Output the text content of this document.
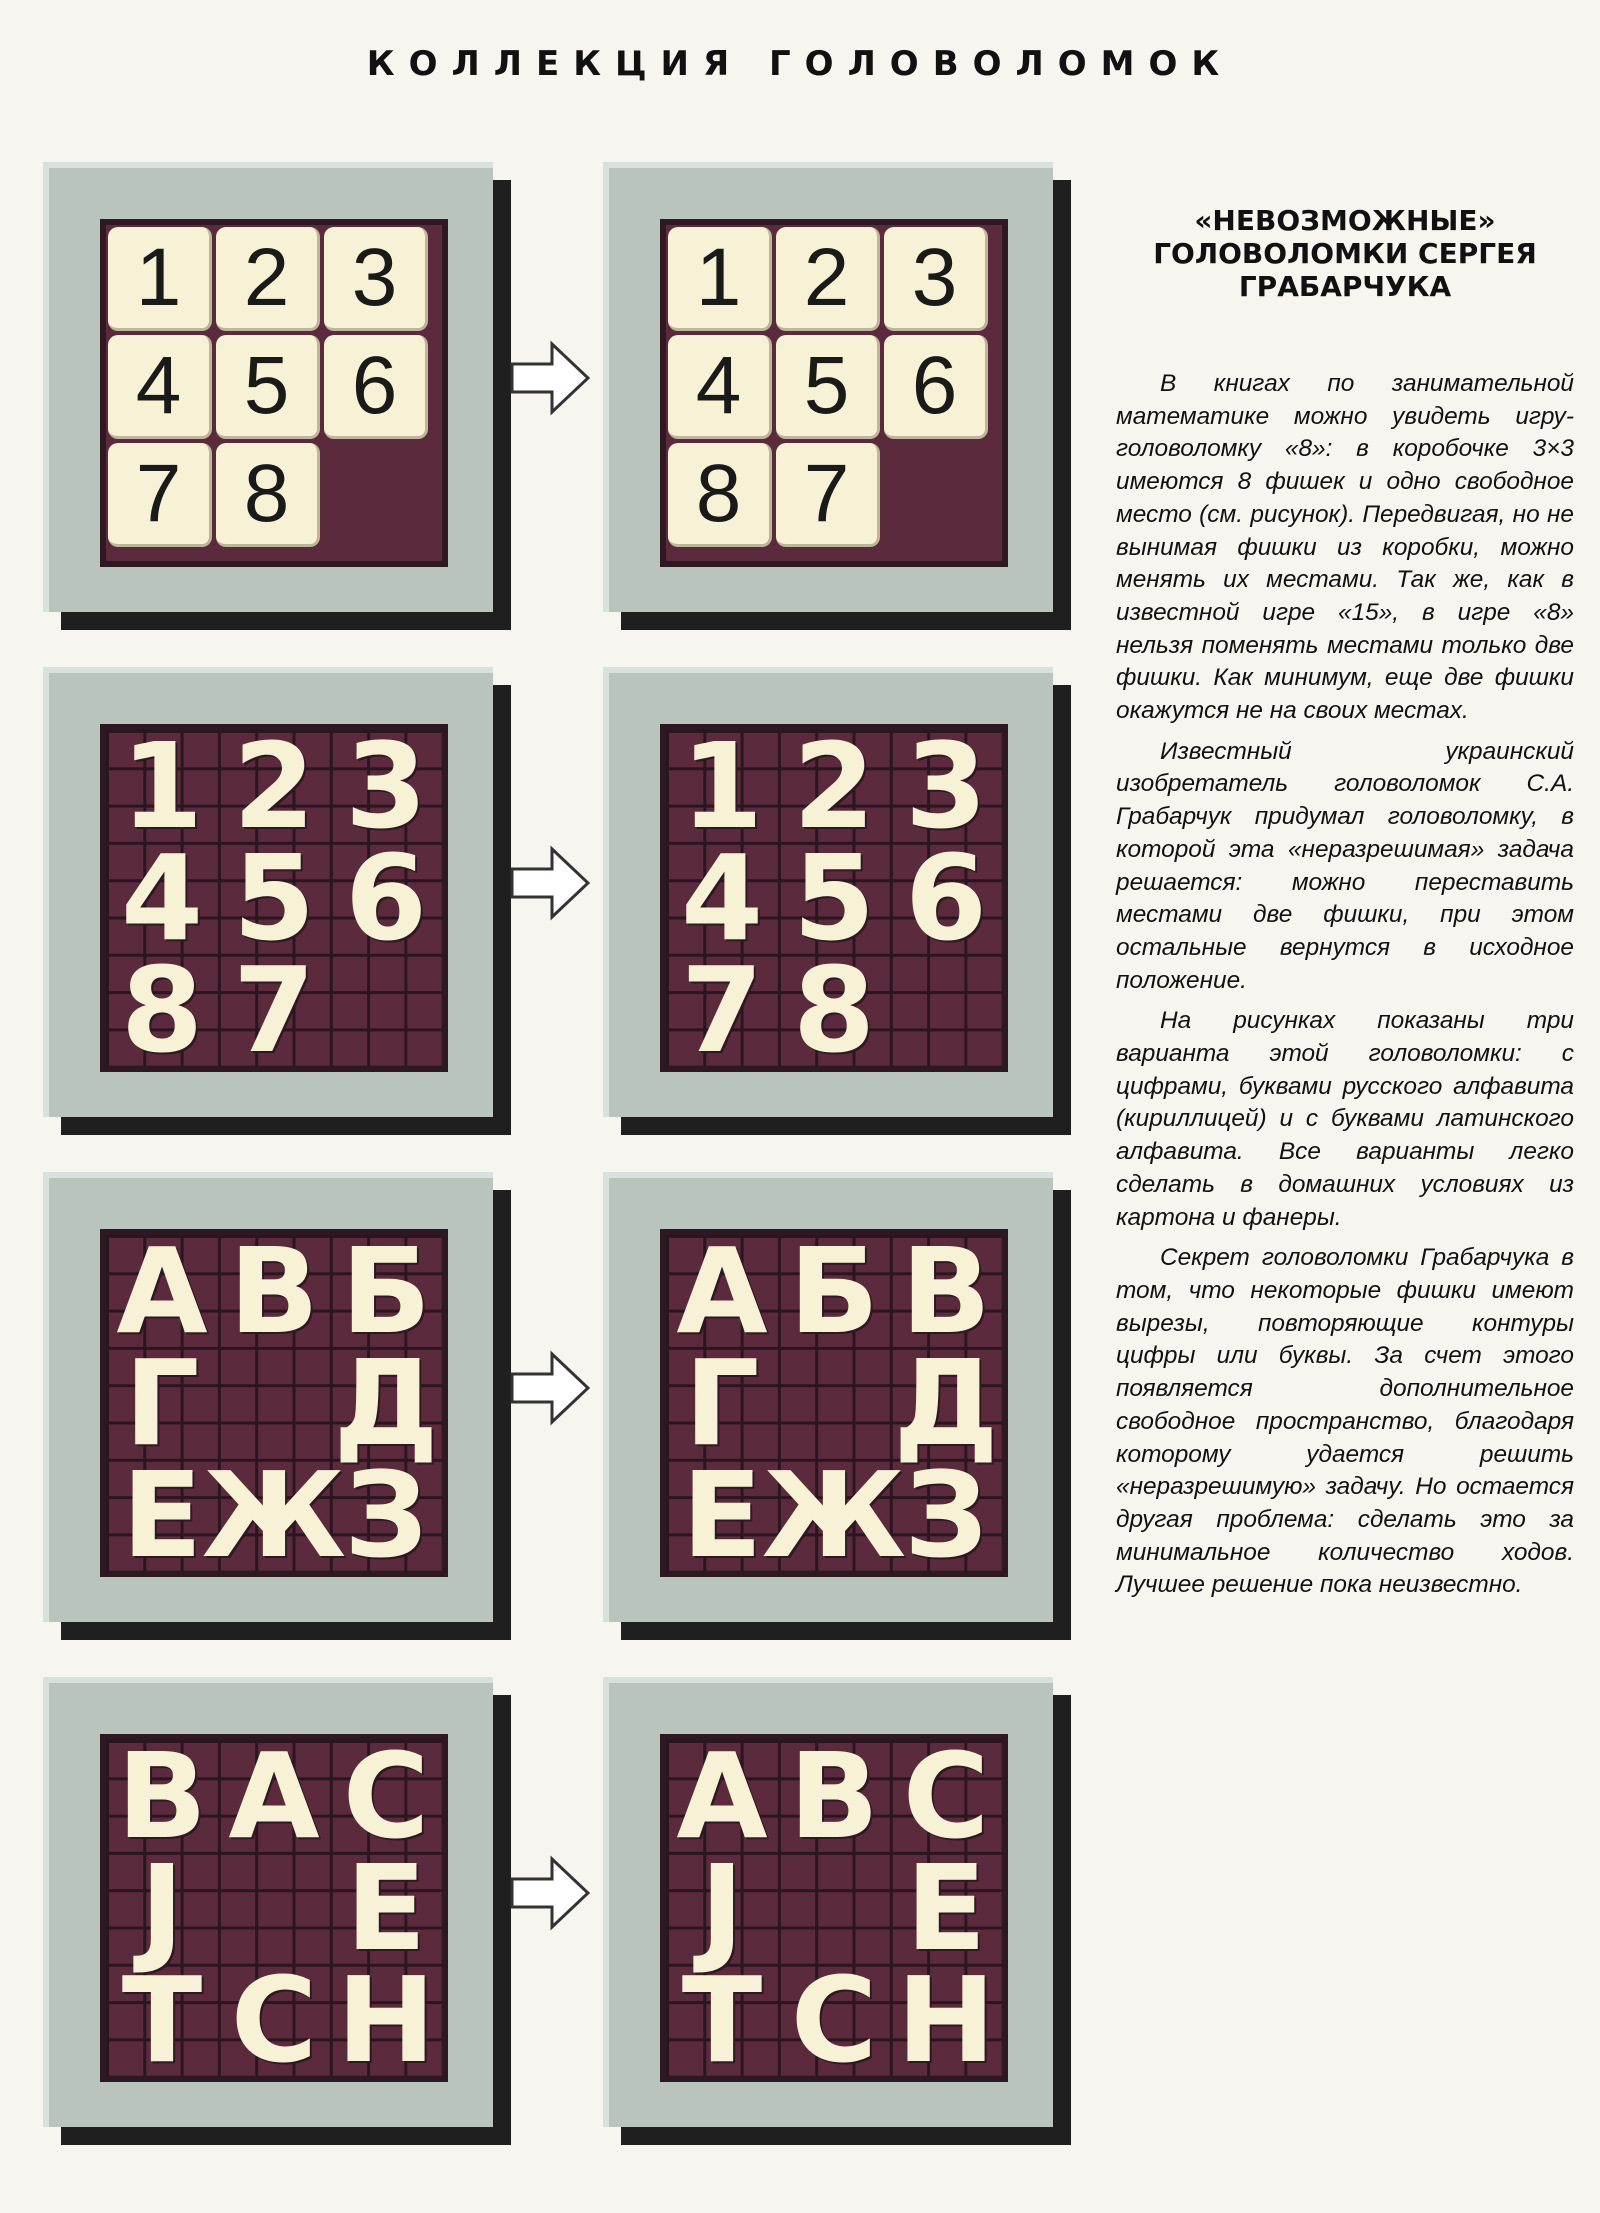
КОЛЛЕКЦИЯ ГОЛОВОЛОМОК
1 2 3
4 5 6
7 8
1 2 3
4 5 6
8 7
1 2 3
4 5 6
8 7
1 2 3
4 5 6
7 8
А В Б
Г Д
Е Ж
З
А Б В
Г Д
Е Ж
З
B A C
J E
T C H
A B C
J E
T C H
«НЕВОЗМОЖНЫЕ» ГОЛОВОЛОМКИ СЕРГЕЯ ГРАБАРЧУКА

В книгах по занимательной математике можно увидеть игру-головоломку «8»: в коробочке 3×3 имеются 8 фишек и одно свободное место (см. рисунок). Передвигая, но не вынимая фишки из коробки, можно менять их местами. Так же, как в известной игре «15», в игре «8» нельзя поменять местами только две фишки. Как минимум, еще две фишки окажутся не на своих местах.

Известный украинский изобретатель головоломок С.А. Грабарчук придумал головоломку, в которой эта «неразрешимая» задача решается: можно переставить местами две фишки, при этом остальные вернутся в исходное положение.

На рисунках показаны три варианта этой головоломки: с цифрами, буквами русского алфавита (кириллицей) и с буквами латинского алфавита. Все варианты легко сделать в домашних условиях из картона и фанеры.

Секрет головоломки Грабарчука в том, что некоторые фишки имеют вырезы, повторяющие контуры цифры или буквы. За счет этого появляется дополнительное свободное пространство, благодаря которому удается решить «неразрешимую» задачу. Но остается другая проблема: сделать это за минимальное количество ходов. Лучшее решение пока неизвестно.
